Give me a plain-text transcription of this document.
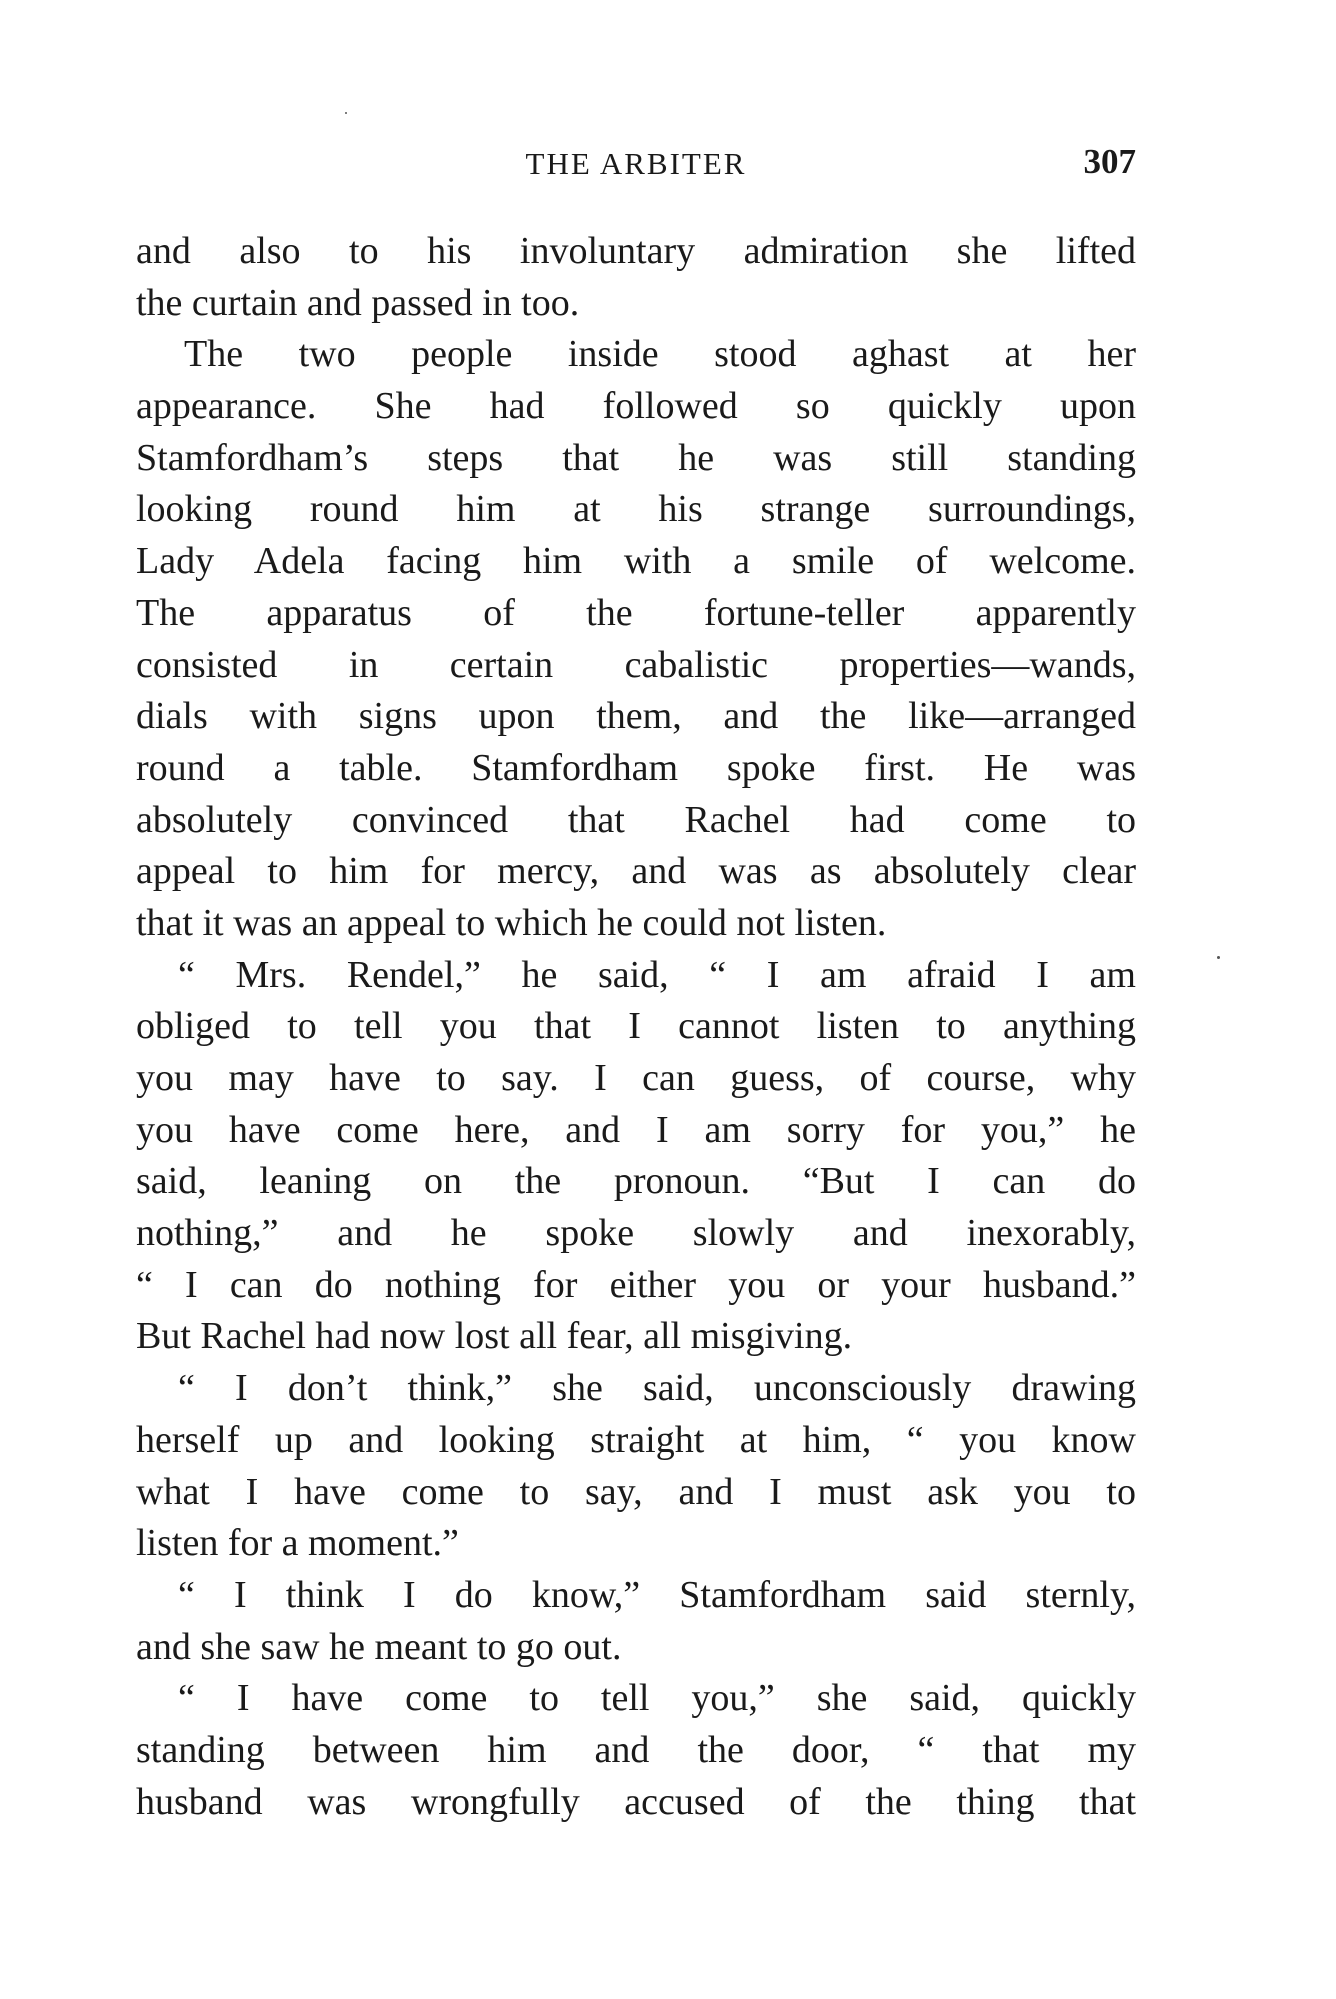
THE ARBITER	307
and also to his involuntary admiration she lifted
the curtain and passed in too.
The two people inside stood aghast at her
appearance. She had followed so quickly upon
Stamfordham’s steps that he was still standing
looking round him at his strange surroundings,
Lady Adela facing him with a smile of welcome.
The apparatus of the fortune-teller apparently
consisted in certain cabalistic properties—wands,
dials with signs upon them, and the like—arranged
round a table. Stamfordham spoke first. He was
absolutely convinced that Rachel had come to
appeal to him for mercy, and was as absolutely clear
that it was an appeal to which he could not listen.
“ Mrs. Rendel,” he said, “ I am afraid I am
obliged to tell you that I cannot listen to anything
you may have to say. I can guess, of course, why
you have come here, and I am sorry for you,” he
said, leaning on the pronoun. “But I can do
nothing,” and he spoke slowly and inexorably,
“ I can do nothing for either you or your husband.”
But Rachel had now lost all fear, all misgiving.
“ I don’t think,” she said, unconsciously drawing
herself up and looking straight at him, “ you know
what I have come to say, and I must ask you to
listen for a moment.”
“ I think I do know,” Stamfordham said sternly,
and she saw he meant to go out.
“ I have come to tell you,” she said, quickly
standing between him and the door, “ that my
husband was wrongfully accused of the thing that
